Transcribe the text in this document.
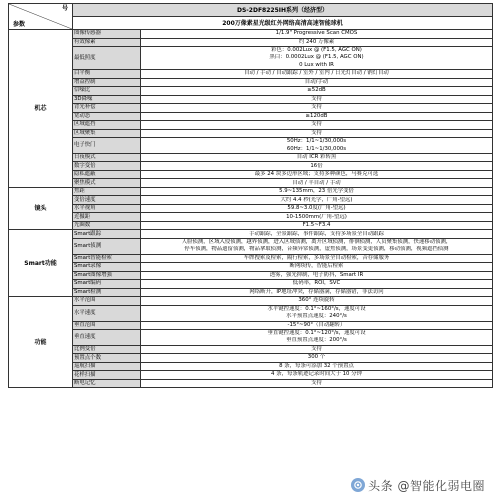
号
参数	DS-2DF8225IH系列（经济型）	
	200万像素星光级红外网络高清高速智能球机	
机芯	图像传感器	1/1.9" Progressive Scan CMOS

	有效像素	约 240 万像素

	最低照度	彩色：0.002Lux @ (F1.5, AGC ON)
黑白：0.0002Lux @ (F1.5, AGC ON)
0 Lux with IR

	白平衡	自动 / 手动 / 自动跟踪 / 室外 / 室内 / 日光灯自动 / 钠灯自动

	增益控制	自动/手动

	信噪比	≥52dB

	3D降噪	支持

	背光补偿	支持

	宽动态	≥120dB

	区域遮挡	支持

	区域聚集	支持

	电子快门	50Hz：1/1~1/30,000s
60Hz：1/1~1/30,000s

	日夜模式	自动 ICR 彩转黑

	数字变倍	16倍

	隐私遮蔽	最多 24 块多边形区域；支持多种颜色，马赛克可选

	聚焦模式	自动 / 半自动 / 手动

镜头	焦距	5.9~135mm，23 倍光学变倍

	变倍速度	大约 4.4 秒(光学，广角-望远)

	水平视角	59.8~3.0度(广角-望远)

	近摄距	10-1500mm(广角-望远)

	光圈数	F1.5~F3.4

Smart功能	Smart跟踪	手动跟踪，全景跟踪，事件跟踪，支持多场景全自动跟踪

	Smart侦测	人脸侦测，区域入侵侦测，越界侦测，进入区域侦测，离开区域侦测，徘徊侦测，人员聚集侦测，快速移动侦测，
停车侦测，物品遗留侦测，物品拿取侦测，音频异常侦测，虚焦侦测，场景变更侦测，移动侦测，视频遮挡侦测

	Smart智能检索	车牌搜索及检索，隔行检索，多场景全自动检索，音存储服务

	Smart录像	断网续传，智能后检索

	Smart图像增强	透雾，强光抑制，电子防抖，Smart IR

	Smart编码	低码率，ROI，SVC

	Smart检测	网络断开，IP地址冲突，存储器满，存储器错，非法访问

功能	水平范围	360° 连续旋转

	水平速度	水平键控速度：0.1°~160°/s，速度可设
水平预置点速度：240°/s

	垂直范围	-15°~90°（自动翻转）

	垂直速度	垂直键控速度：0.1°~120°/s，速度可设
垂直预置点速度：200°/s

	比例变倍	支持

	预置点个数	300 个

	巡航扫描	8 条，每条可添加 32 个预置点

	花样扫描	4 条，每条轨迹记录时间大于 10 分钟

	断电记忆	支持
头条 @智能化弱电圈
